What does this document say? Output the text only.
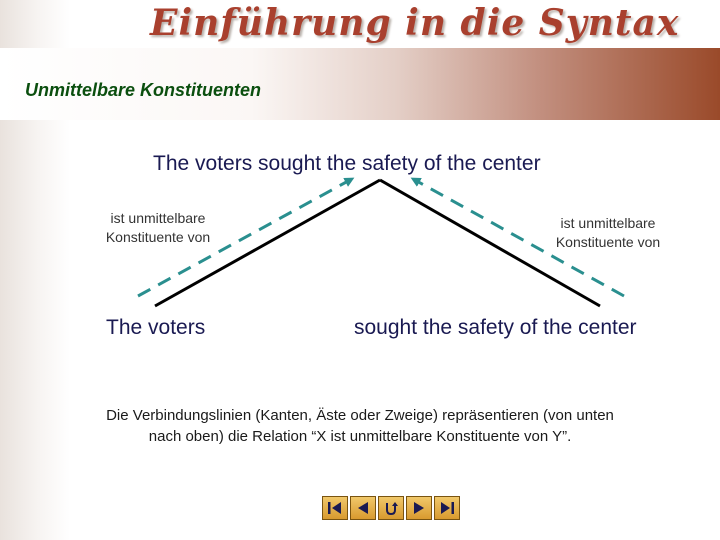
Einführung in die Syntax
Unmittelbare Konstituenten
The voters sought the safety of the center
ist unmittelbare
Konstituente von
ist unmittelbare
Konstituente von
The voters	sought the safety of the center
Die Verbindungslinien (Kanten, Äste oder Zweige) repräsentieren (von unten nach oben) die Relation “X ist unmittelbare Konstituente von Y”.
